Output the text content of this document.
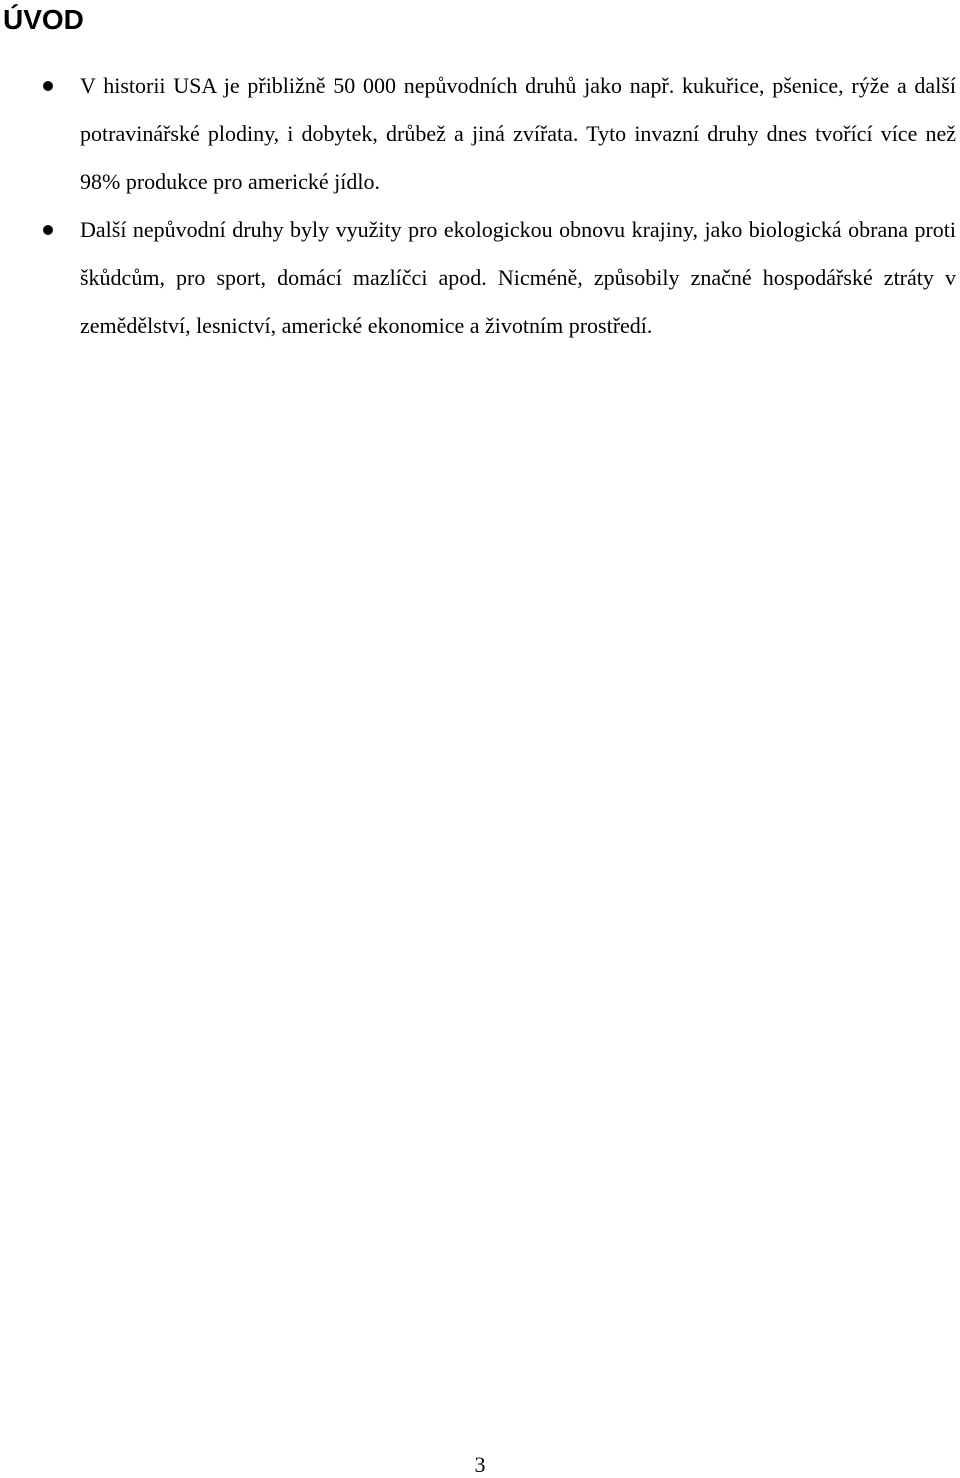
ÚVOD
V historii USA je přibližně 50 000 nepůvodních druhů jako např. kukuřice, pšenice, rýže a další potravinářské plodiny, i dobytek, drůbež a jiná zvířata. Tyto invazní druhy dnes tvořící více než 98% produkce pro americké jídlo.
Další nepůvodní druhy byly využity pro ekologickou obnovu krajiny, jako biologická obrana proti škůdcům, pro sport, domácí mazlíčci apod. Nicméně, způsobily značné hospodářské ztráty v zemědělství, lesnictví, americké ekonomice a životním prostředí.
3
